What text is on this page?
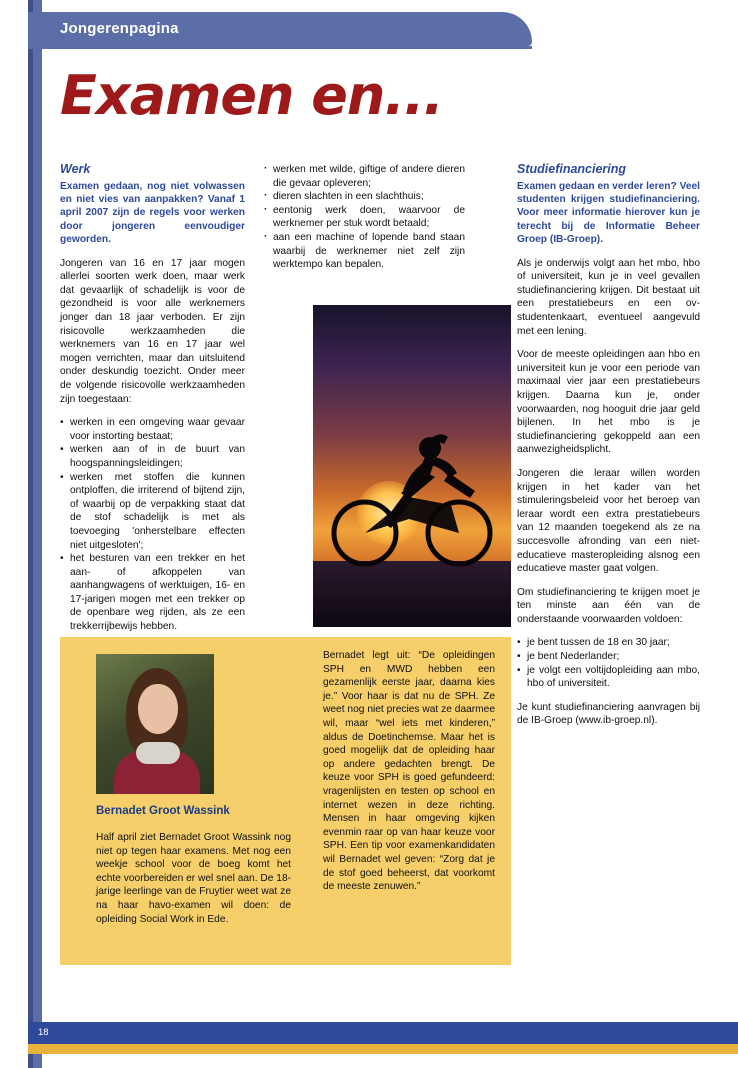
Jongerenpagina
Examen en...
Werk
Examen gedaan, nog niet volwassen en niet vies van aanpakken? Vanaf 1 april 2007 zijn de regels voor werken door jongeren eenvoudiger geworden.

Jongeren van 16 en 17 jaar mogen allerlei soorten werk doen, maar werk dat gevaarlijk of schadelijk is voor de gezondheid is voor alle werknemers jonger dan 18 jaar verboden. Er zijn risicovolle werkzaamheden die werknemers van 16 en 17 jaar wel mogen verrichten, maar dan uitsluitend onder deskundig toezicht. Onder meer de volgende risicovolle werkzaamheden zijn toegestaan:

• werken in een omgeving waar gevaar voor instorting bestaat;
• werken aan of in de buurt van hoogspanningsleidingen;
• werken met stoffen die kunnen ontploffen, die irriterend of bijtend zijn, of waarbij op de verpakking staat dat de stof schadelijk is met als toevoeging 'onherstelbare effecten niet uitgesloten';
• het besturen van een trekker en het aan- of afkoppelen van aanhangwagens of werktuigen, 16- en 17-jarigen mogen met een trekker op de openbare weg rijden, als ze een trekkerrijbewijs hebben.
· werken met wilde, giftige of andere dieren die gevaar opleveren;
· dieren slachten in een slachthuis;
· eentonig werk doen, waarvoor de werknemer per stuk wordt betaald;
· aan een machine of lopende band staan waarbij de werknemer niet zelf zijn werktempo kan bepalen.
Studiefinanciering
Examen gedaan en verder leren? Veel studenten krijgen studiefinanciering. Voor meer informatie hierover kun je terecht bij de Informatie Beheer Groep (IB-Groep).

Als je onderwijs volgt aan het mbo, hbo of universiteit, kun je in veel gevallen studiefinanciering krijgen. Dit bestaat uit een prestatiebeurs en een ov-studentenkaart, eventueel aangevuld met een lening.

Voor de meeste opleidingen aan hbo en universiteit kun je voor een periode van maximaal vier jaar een prestatiebeurs krijgen. Daarna kun je, onder voorwaarden, nog hooguit drie jaar geld bijlenen. In het mbo is je studiefinanciering gekoppeld aan een aanwezigheidsplicht.

Jongeren die leraar willen worden krijgen in het kader van het stimuleringsbeleid voor het beroep van leraar wordt een extra prestatiebeurs van 12 maanden toegekend als ze na succesvolle afronding van een niet-educatieve masteropleiding alsnog een educatieve master gaat volgen.

Om studiefinanciering te krijgen moet je ten minste aan één van de onderstaande voorwaarden voldoen:

• je bent tussen de 18 en 30 jaar;
• je bent Nederlander;
• je volgt een voltijdopleiding aan mbo, hbo of universiteit.

Je kunt studiefinanciering aanvragen bij de IB-Groep (www.ib-groep.nl).

Bernadet Groot Wassink
Half april ziet Bernadet Groot Wassink nog niet op tegen haar examens. Met nog een weekje school voor de boeg komt het echte voorbereiden er wel snel aan. De 18-jarige leerlinge van de Fruytier weet wat ze na haar havo-examen wil doen: de opleiding Social Work in Ede.
Bernadet legt uit: “De opleidingen SPH en MWD hebben een gezamenlijk eerste jaar, daarna kies je.” Voor haar is dat nu de SPH. Ze weet nog niet precies wat ze daarmee wil, maar “wel iets met kinderen,” aldus de Doetinchemse. Maar het is goed mogelijk dat de opleiding haar op andere gedachten brengt. De keuze voor SPH is goed gefundeerd: vragenlijsten en testen op school en internet wezen in deze richting. Mensen in haar omgeving kijken evenmin raar op van haar keuze voor SPH. Een tip voor examenkandidaten wil Bernadet wel geven: “Zorg dat je de stof goed beheerst, dat voorkomt de meeste zenuwen.”
18
